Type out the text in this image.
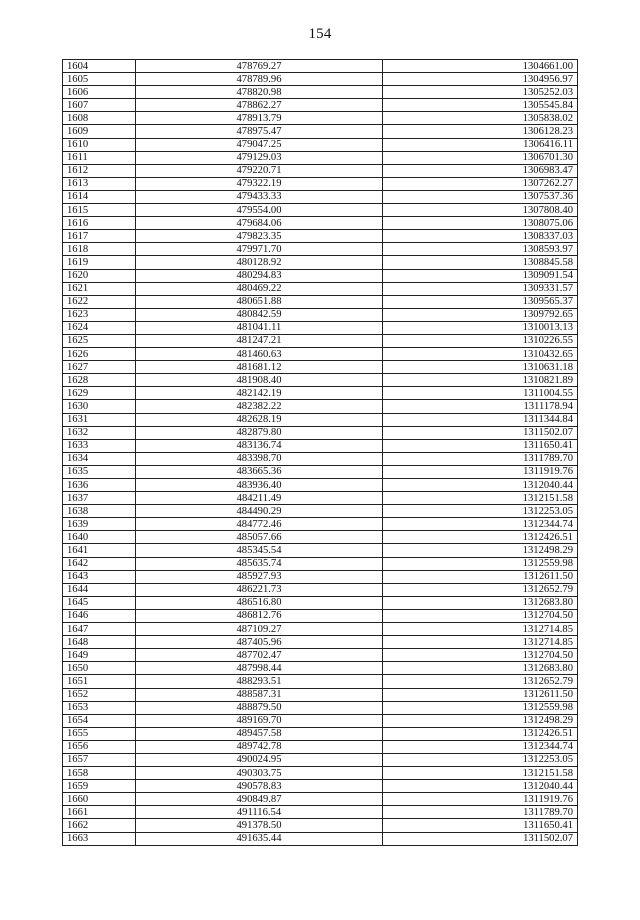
154
1604	478769.27	1304661.00
1605	478789.96	1304956.97
1606	478820.98	1305252.03
1607	478862.27	1305545.84
1608	478913.79	1305838.02
1609	478975.47	1306128.23
1610	479047.25	1306416.11
1611	479129.03	1306701.30
1612	479220.71	1306983.47
1613	479322.19	1307262.27
1614	479433.33	1307537.36
1615	479554.00	1307808.40
1616	479684.06	1308075.06
1617	479823.35	1308337.03
1618	479971.70	1308593.97
1619	480128.92	1308845.58
1620	480294.83	1309091.54
1621	480469.22	1309331.57
1622	480651.88	1309565.37
1623	480842.59	1309792.65
1624	481041.11	1310013.13
1625	481247.21	1310226.55
1626	481460.63	1310432.65
1627	481681.12	1310631.18
1628	481908.40	1310821.89
1629	482142.19	1311004.55
1630	482382.22	1311178.94
1631	482628.19	1311344.84
1632	482879.80	1311502.07
1633	483136.74	1311650.41
1634	483398.70	1311789.70
1635	483665.36	1311919.76
1636	483936.40	1312040.44
1637	484211.49	1312151.58
1638	484490.29	1312253.05
1639	484772.46	1312344.74
1640	485057.66	1312426.51
1641	485345.54	1312498.29
1642	485635.74	1312559.98
1643	485927.93	1312611.50
1644	486221.73	1312652.79
1645	486516.80	1312683.80
1646	486812.76	1312704.50
1647	487109.27	1312714.85
1648	487405.96	1312714.85
1649	487702.47	1312704.50
1650	487998.44	1312683.80
1651	488293.51	1312652.79
1652	488587.31	1312611.50
1653	488879.50	1312559.98
1654	489169.70	1312498.29
1655	489457.58	1312426.51
1656	489742.78	1312344.74
1657	490024.95	1312253.05
1658	490303.75	1312151.58
1659	490578.83	1312040.44
1660	490849.87	1311919.76
1661	491116.54	1311789.70
1662	491378.50	1311650.41
1663	491635.44	1311502.07
